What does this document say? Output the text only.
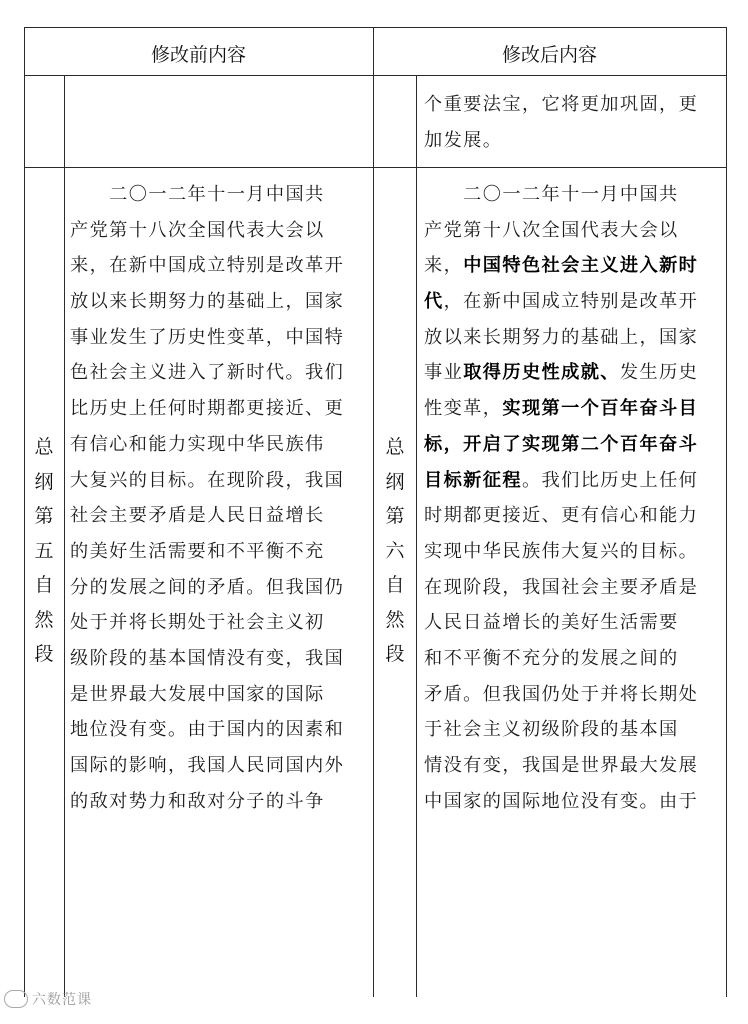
修改前内容	修改后内容
个重要法宝，它将更加巩固，更
加发展。
总
纲
第
五
自
然
段
总
纲
第
六
自
然
段
　　二〇一二年十一月中国共
产党第十八次全国代表大会以
来，在新中国成立特别是改革开
放以来长期努力的基础上，国家
事业发生了历史性变革，中国特
色社会主义进入了新时代。我们
比历史上任何时期都更接近、更
有信心和能力实现中华民族伟
大复兴的目标。在现阶段，我国
社会主要矛盾是人民日益增长
的美好生活需要和不平衡不充
分的发展之间的矛盾。但我国仍
处于并将长期处于社会主义初
级阶段的基本国情没有变，我国
是世界最大发展中国家的国际
地位没有变。由于国内的因素和
国际的影响，我国人民同国内外
的敌对势力和敌对分子的斗争
　　二〇一二年十一月中国共
产党第十八次全国代表大会以
来，中国特色社会主义进入新时
代，在新中国成立特别是改革开
放以来长期努力的基础上，国家
事业取得历史性成就、发生历史
性变革，实现第一个百年奋斗目
标，开启了实现第二个百年奋斗
目标新征程。我们比历史上任何
时期都更接近、更有信心和能力
实现中华民族伟大复兴的目标。
在现阶段，我国社会主要矛盾是
人民日益增长的美好生活需要
和不平衡不充分的发展之间的
矛盾。但我国仍处于并将长期处
于社会主义初级阶段的基本国
情没有变，我国是世界最大发展
中国家的国际地位没有变。由于
六数范课
